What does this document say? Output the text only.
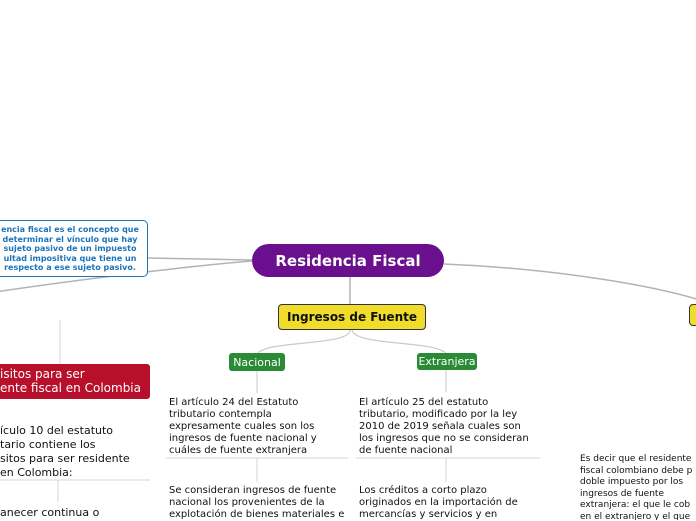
Residencia Fiscal
encia fiscal es el concepto que determinar el vínculo que hay sujeto pasivo de un impuesto ultad impositiva que tiene un respecto a ese sujeto pasivo.
Ingresos de Fuente
Nacional	Extranjera
El artículo 24 del Estatuto tributario contempla expresamente cuales son los ingresos de fuente nacional y cuáles de fuente extranjera
Se consideran ingresos de fuente nacional los provenientes de la explotación de bienes materiales e
El artículo 25 del estatuto tributario, modificado por la ley 2010 de 2019 señala cuales son los ingresos que no se consideran de fuente nacional
Los créditos a corto plazo originados en la importación de mercancías y servicios y en
isitos para ser
ente fiscal en Colombia
ículo 10 del estatuto
tario contiene los
sitos para ser residente
en Colombia:
anecer continua o
Es decir que el residente fiscal colombiano debe p doble impuesto por los ingresos de fuente extranjera: el que le cob en el extranjero y el que
